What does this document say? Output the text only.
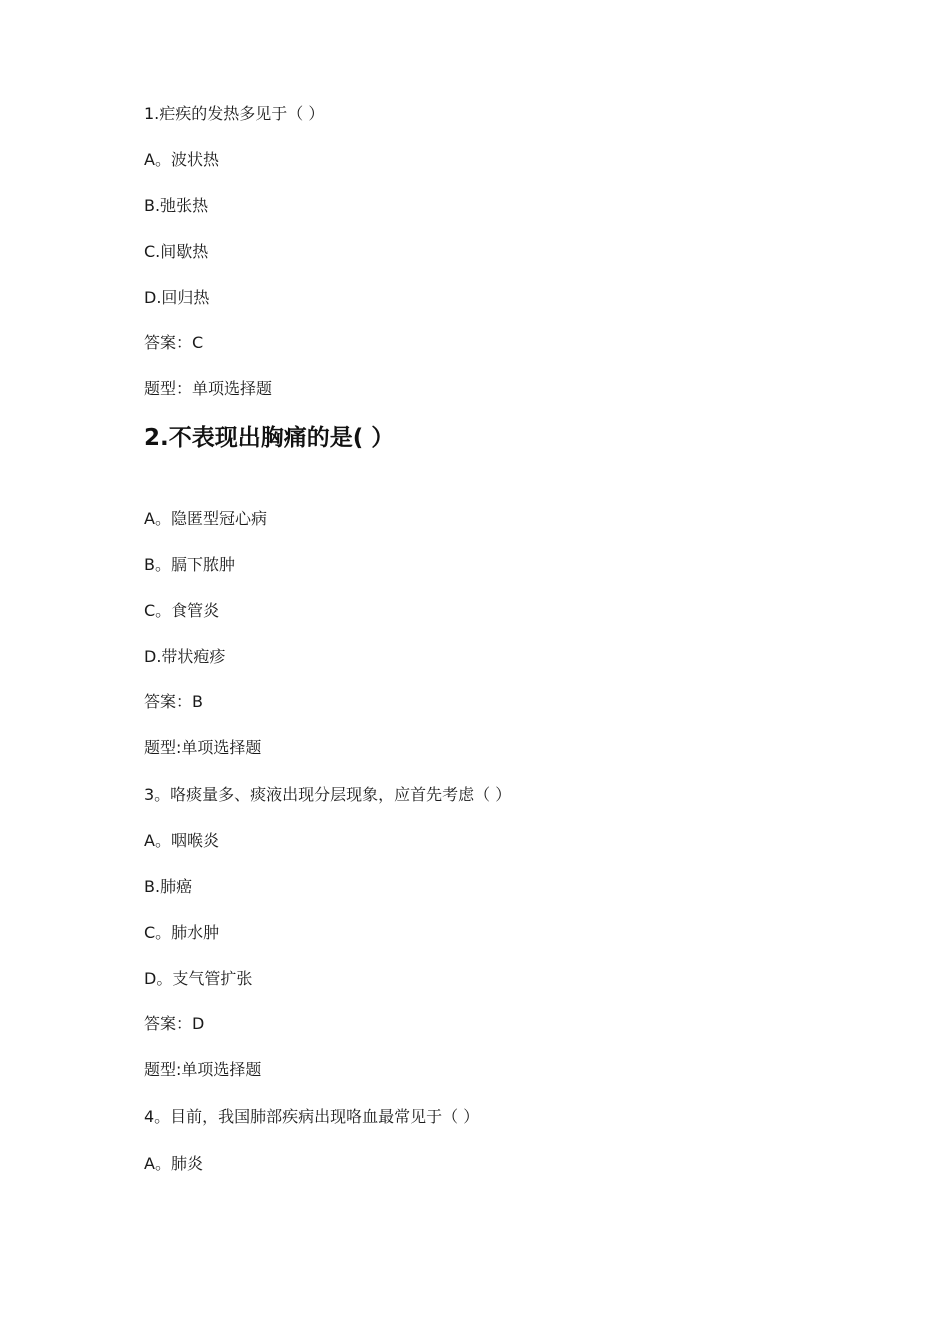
1.疟疾的发热多见于（ ）
A。波状热
B.弛张热
C.间歇热
D.回归热
答案：C
题型：单项选择题
2.不表现出胸痛的是( ）
A。隐匿型冠心病
B。膈下脓肿
C。食管炎
D.带状疱疹
答案：B
题型:单项选择题
3。咯痰量多、痰液出现分层现象，应首先考虑（ ）
A。咽喉炎
B.肺癌
C。肺水肿
D。支气管扩张
答案：D
题型:单项选择题
4。目前，我国肺部疾病出现咯血最常见于（ ）
A。肺炎
